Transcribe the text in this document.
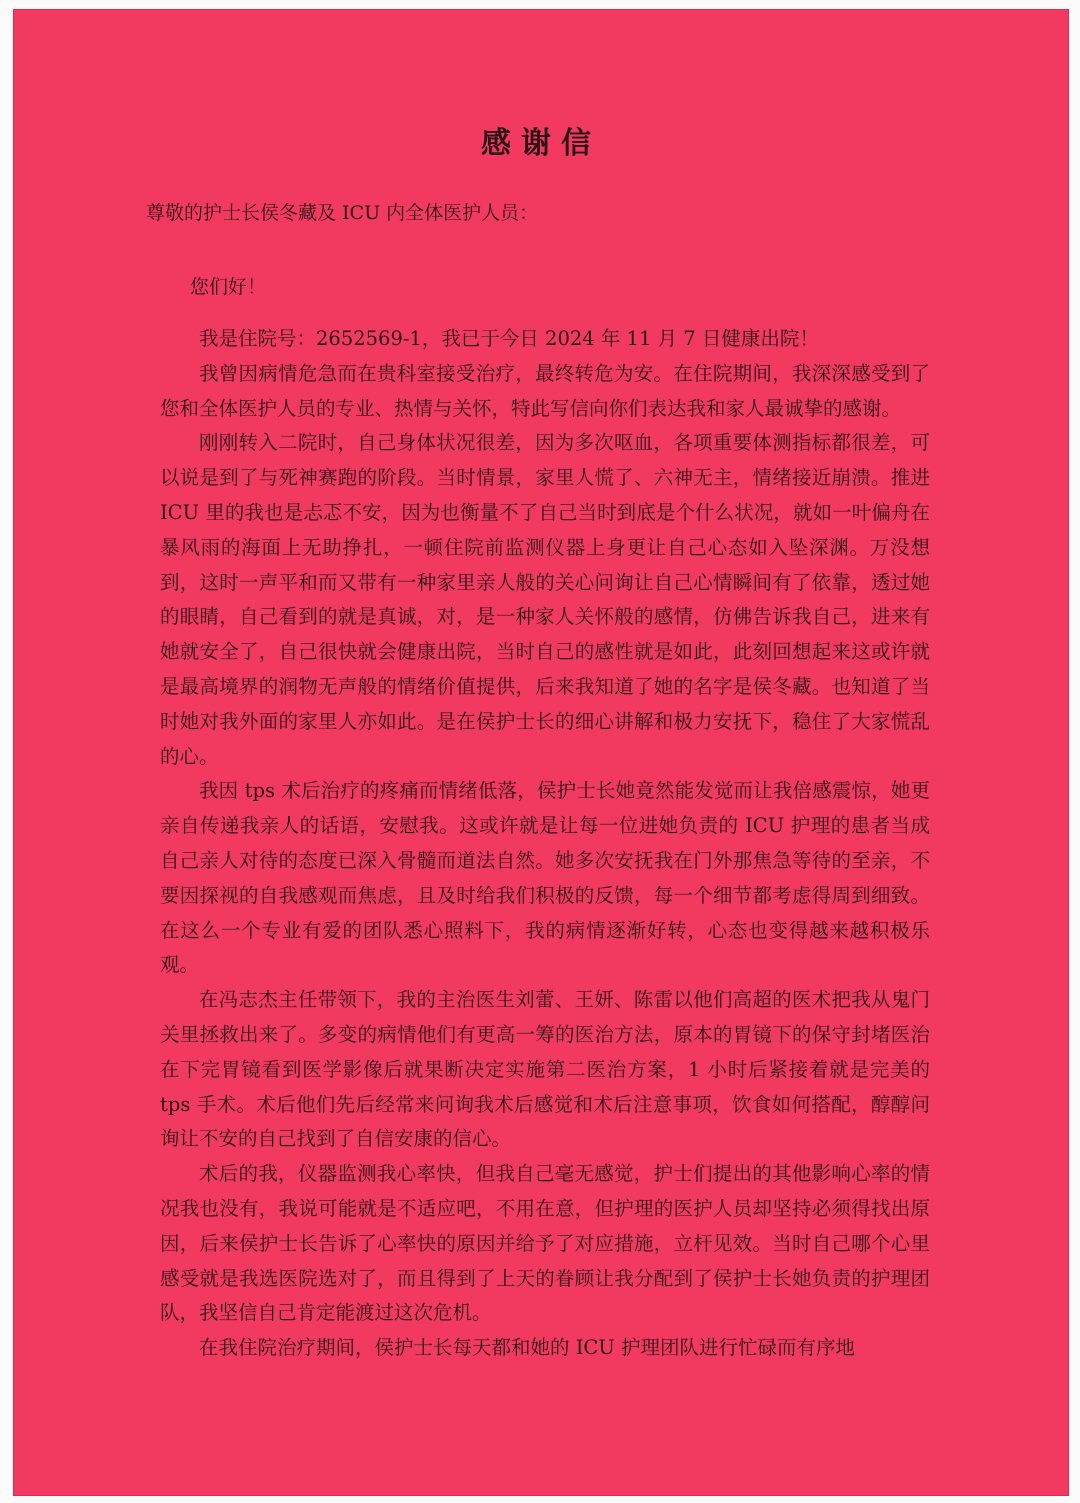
感谢信
尊敬的护士长侯冬藏及 ICU 内全体医护人员：
您们好！

我是住院号：2652569-1，我已于今日 2024 年 11 月 7 日健康出院！

我曾因病情危急而在贵科室接受治疗，最终转危为安。在住院期间，我深深感受到了您和全体医护人员的专业、热情与关怀，特此写信向你们表达我和家人最诚挚的感谢。

刚刚转入二院时，自己身体状况很差，因为多次呕血，各项重要体测指标都很差，可以说是到了与死神赛跑的阶段。当时情景，家里人慌了、六神无主，情绪接近崩溃。推进 ICU 里的我也是忐忑不安，因为也衡量不了自己当时到底是个什么状况，就如一叶偏舟在暴风雨的海面上无助挣扎，一顿住院前监测仪器上身更让自己心态如入坠深渊。万没想到，这时一声平和而又带有一种家里亲人般的关心问询让自己心情瞬间有了依靠，透过她的眼睛，自己看到的就是真诚，对，是一种家人关怀般的感情，仿佛告诉我自己，进来有她就安全了，自己很快就会健康出院，当时自己的感性就是如此，此刻回想起来这或许就是最高境界的润物无声般的情绪价值提供，后来我知道了她的名字是侯冬藏。也知道了当时她对我外面的家里人亦如此。是在侯护士长的细心讲解和极力安抚下，稳住了大家慌乱的心。

我因 tps 术后治疗的疼痛而情绪低落，侯护士长她竟然能发觉而让我倍感震惊，她更亲自传递我亲人的话语，安慰我。这或许就是让每一位进她负责的 ICU 护理的患者当成自己亲人对待的态度已深入骨髓而道法自然。她多次安抚我在门外那焦急等待的至亲，不要因探视的自我感观而焦虑，且及时给我们积极的反馈，每一个细节都考虑得周到细致。在这么一个专业有爱的团队悉心照料下，我的病情逐渐好转，心态也变得越来越积极乐观。

在冯志杰主任带领下，我的主治医生刘蕾、王妍、陈雷以他们高超的医术把我从鬼门关里拯救出来了。多变的病情他们有更高一筹的医治方法，原本的胃镜下的保守封堵医治在下完胃镜看到医学影像后就果断决定实施第二医治方案，1 小时后紧接着就是完美的 tps 手术。术后他们先后经常来问询我术后感觉和术后注意事项，饮食如何搭配，醇醇问询让不安的自己找到了自信安康的信心。

术后的我，仪器监测我心率快，但我自己毫无感觉，护士们提出的其他影响心率的情况我也没有，我说可能就是不适应吧，不用在意，但护理的医护人员却坚持必须得找出原因，后来侯护士长告诉了心率快的原因并给予了对应措施，立杆见效。当时自己哪个心里感受就是我选医院选对了，而且得到了上天的眷顾让我分配到了侯护士长她负责的护理团队，我坚信自己肯定能渡过这次危机。

在我住院治疗期间，侯护士长每天都和她的 ICU 护理团队进行忙碌而有序地
